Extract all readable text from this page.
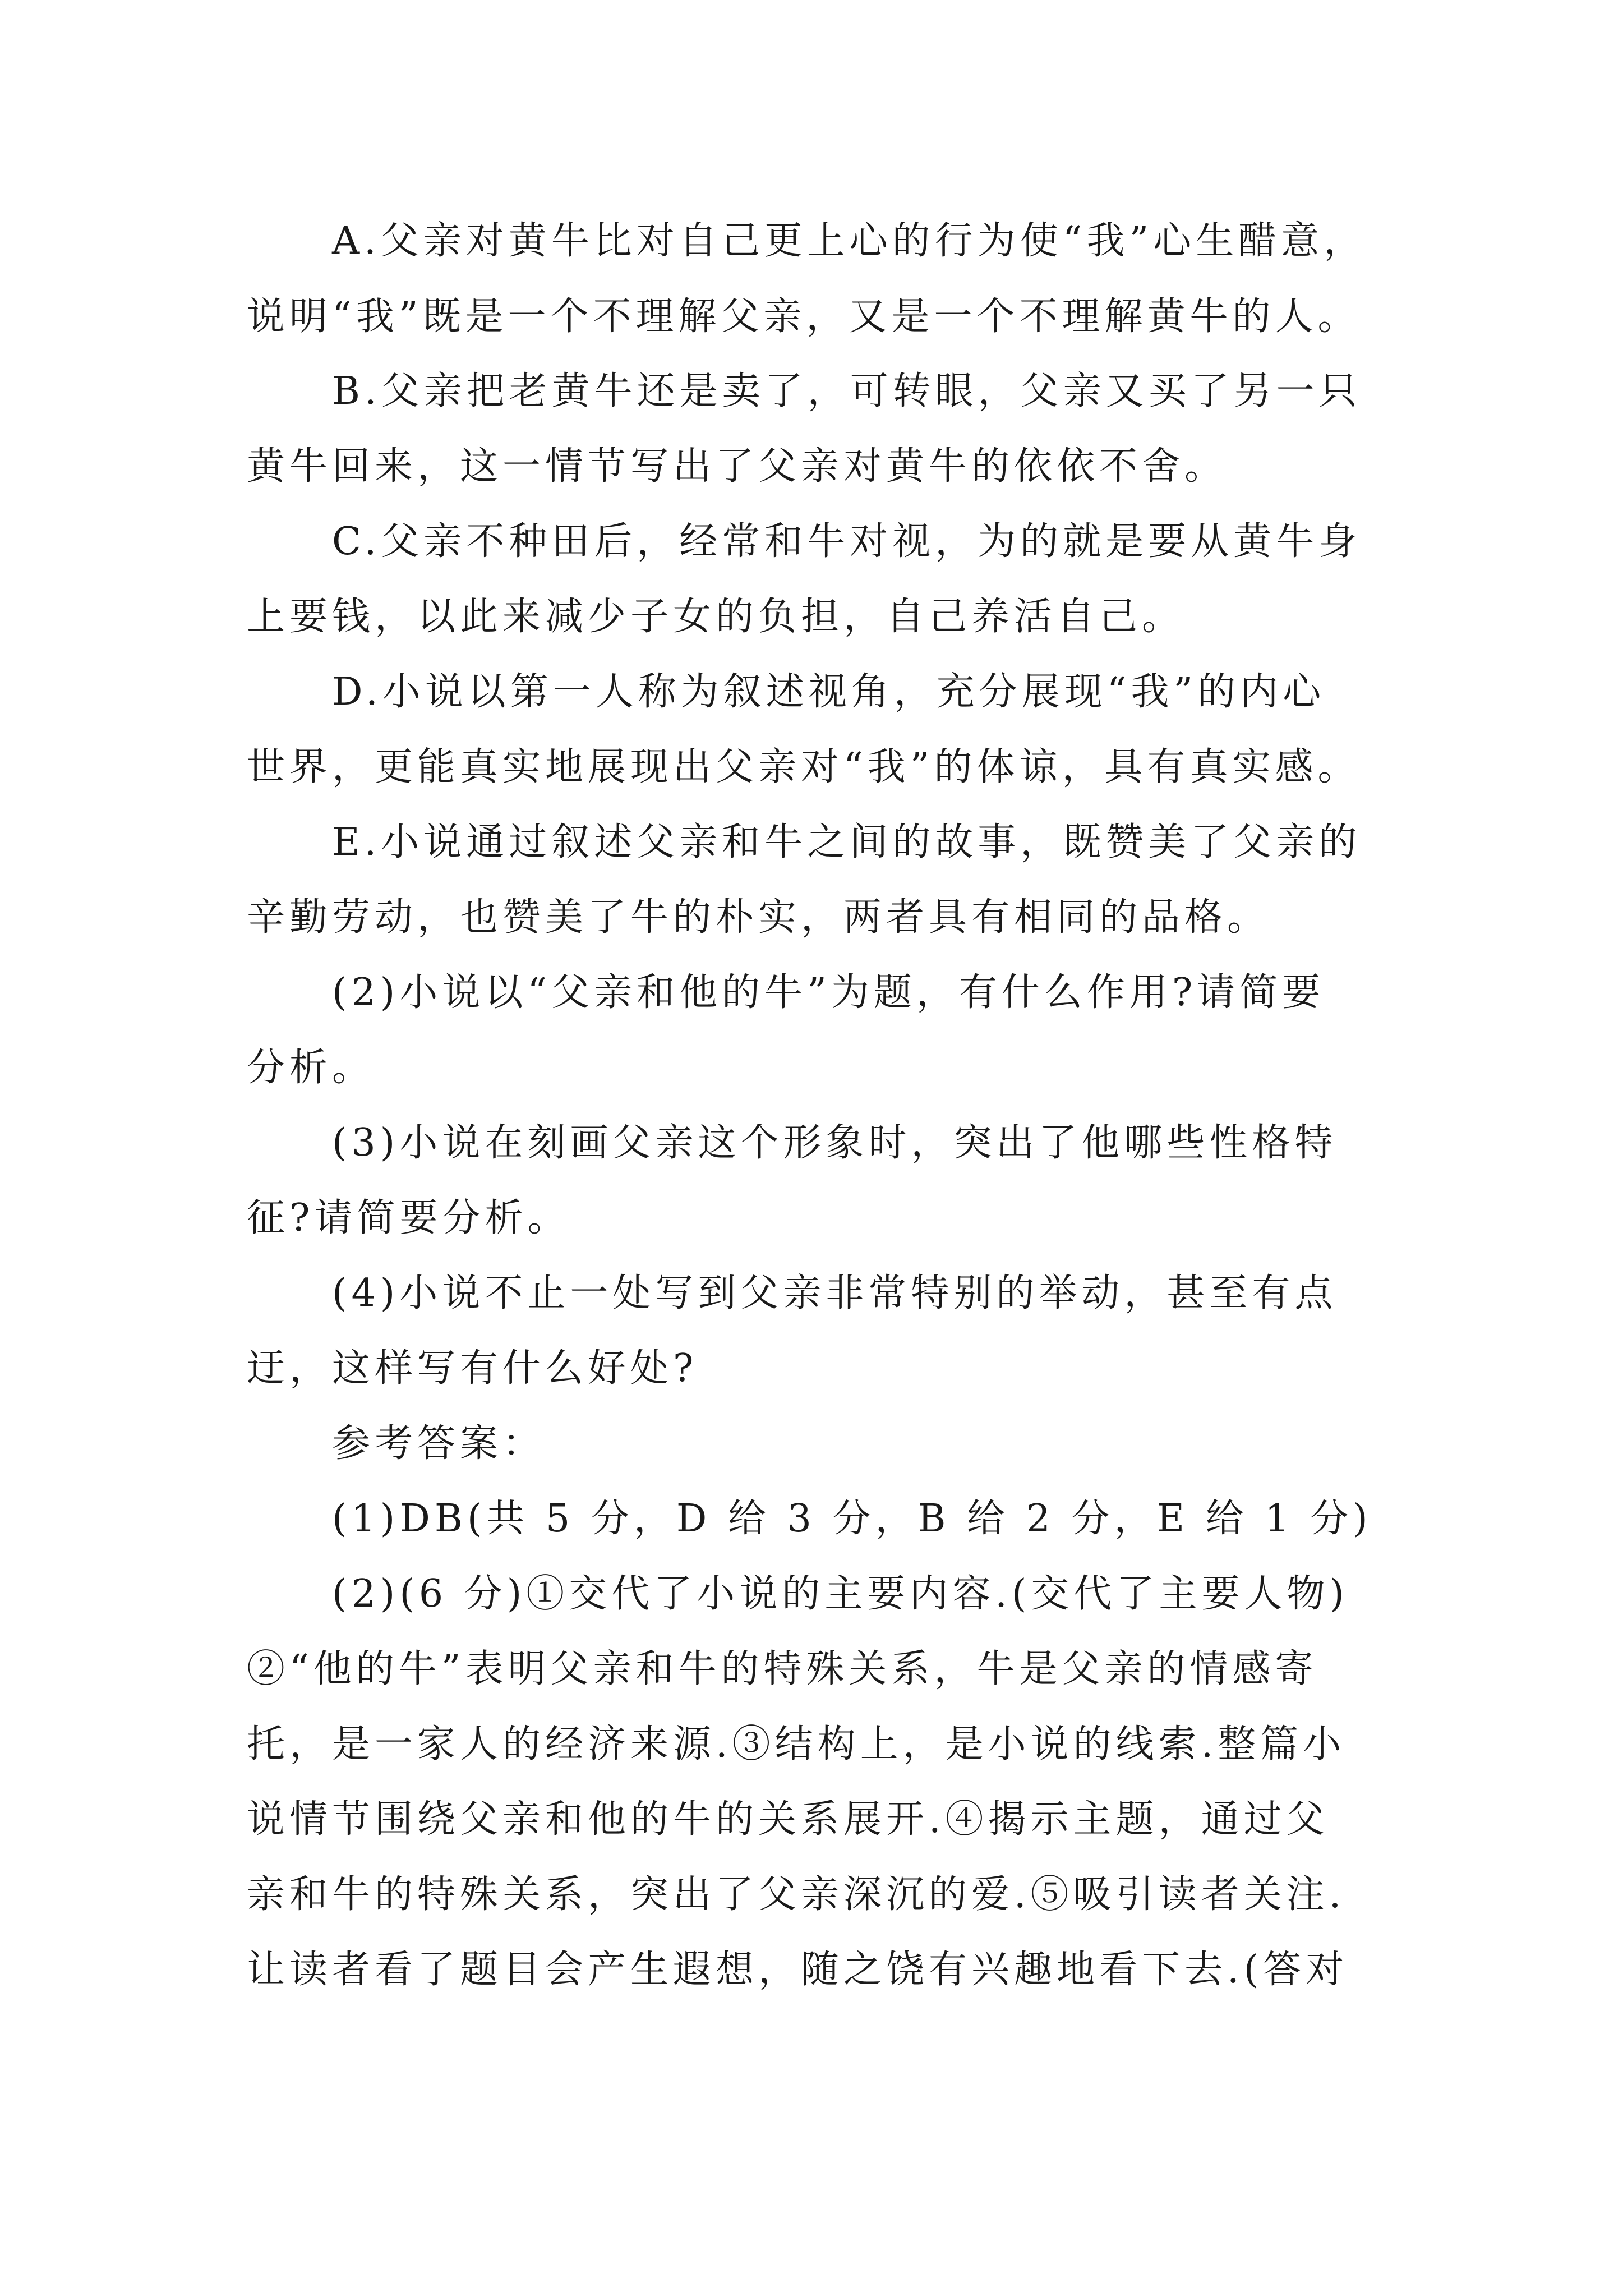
A.父亲对黄牛比对自己更上心的行为使“我”心生醋意，
说明“我”既是一个不理解父亲，又是一个不理解黄牛的人。
B.父亲把老黄牛还是卖了，可转眼，父亲又买了另一只
黄牛回来，这一情节写出了父亲对黄牛的依依不舍。
C.父亲不种田后，经常和牛对视，为的就是要从黄牛身
上要钱，以此来减少子女的负担，自己养活自己。
D.小说以第一人称为叙述视角，充分展现“我”的内心
世界，更能真实地展现出父亲对“我”的体谅，具有真实感。
E.小说通过叙述父亲和牛之间的故事，既赞美了父亲的
辛勤劳动，也赞美了牛的朴实，两者具有相同的品格。
(2)小说以“父亲和他的牛”为题，有什么作用?请简要
分析。
(3)小说在刻画父亲这个形象时，突出了他哪些性格特
征?请简要分析。
(4)小说不止一处写到父亲非常特别的举动，甚至有点
迂，这样写有什么好处?
参考答案：
(1)DB(共 5 分，D 给 3 分，B 给 2 分，E 给 1 分)
(2)(6 分)①交代了小说的主要内容.(交代了主要人物)
②“他的牛”表明父亲和牛的特殊关系，牛是父亲的情感寄
托，是一家人的经济来源.③结构上，是小说的线索.整篇小
说情节围绕父亲和他的牛的关系展开.④揭示主题，通过父
亲和牛的特殊关系，突出了父亲深沉的爱.⑤吸引读者关注.
让读者看了题目会产生遐想，随之饶有兴趣地看下去.(答对
